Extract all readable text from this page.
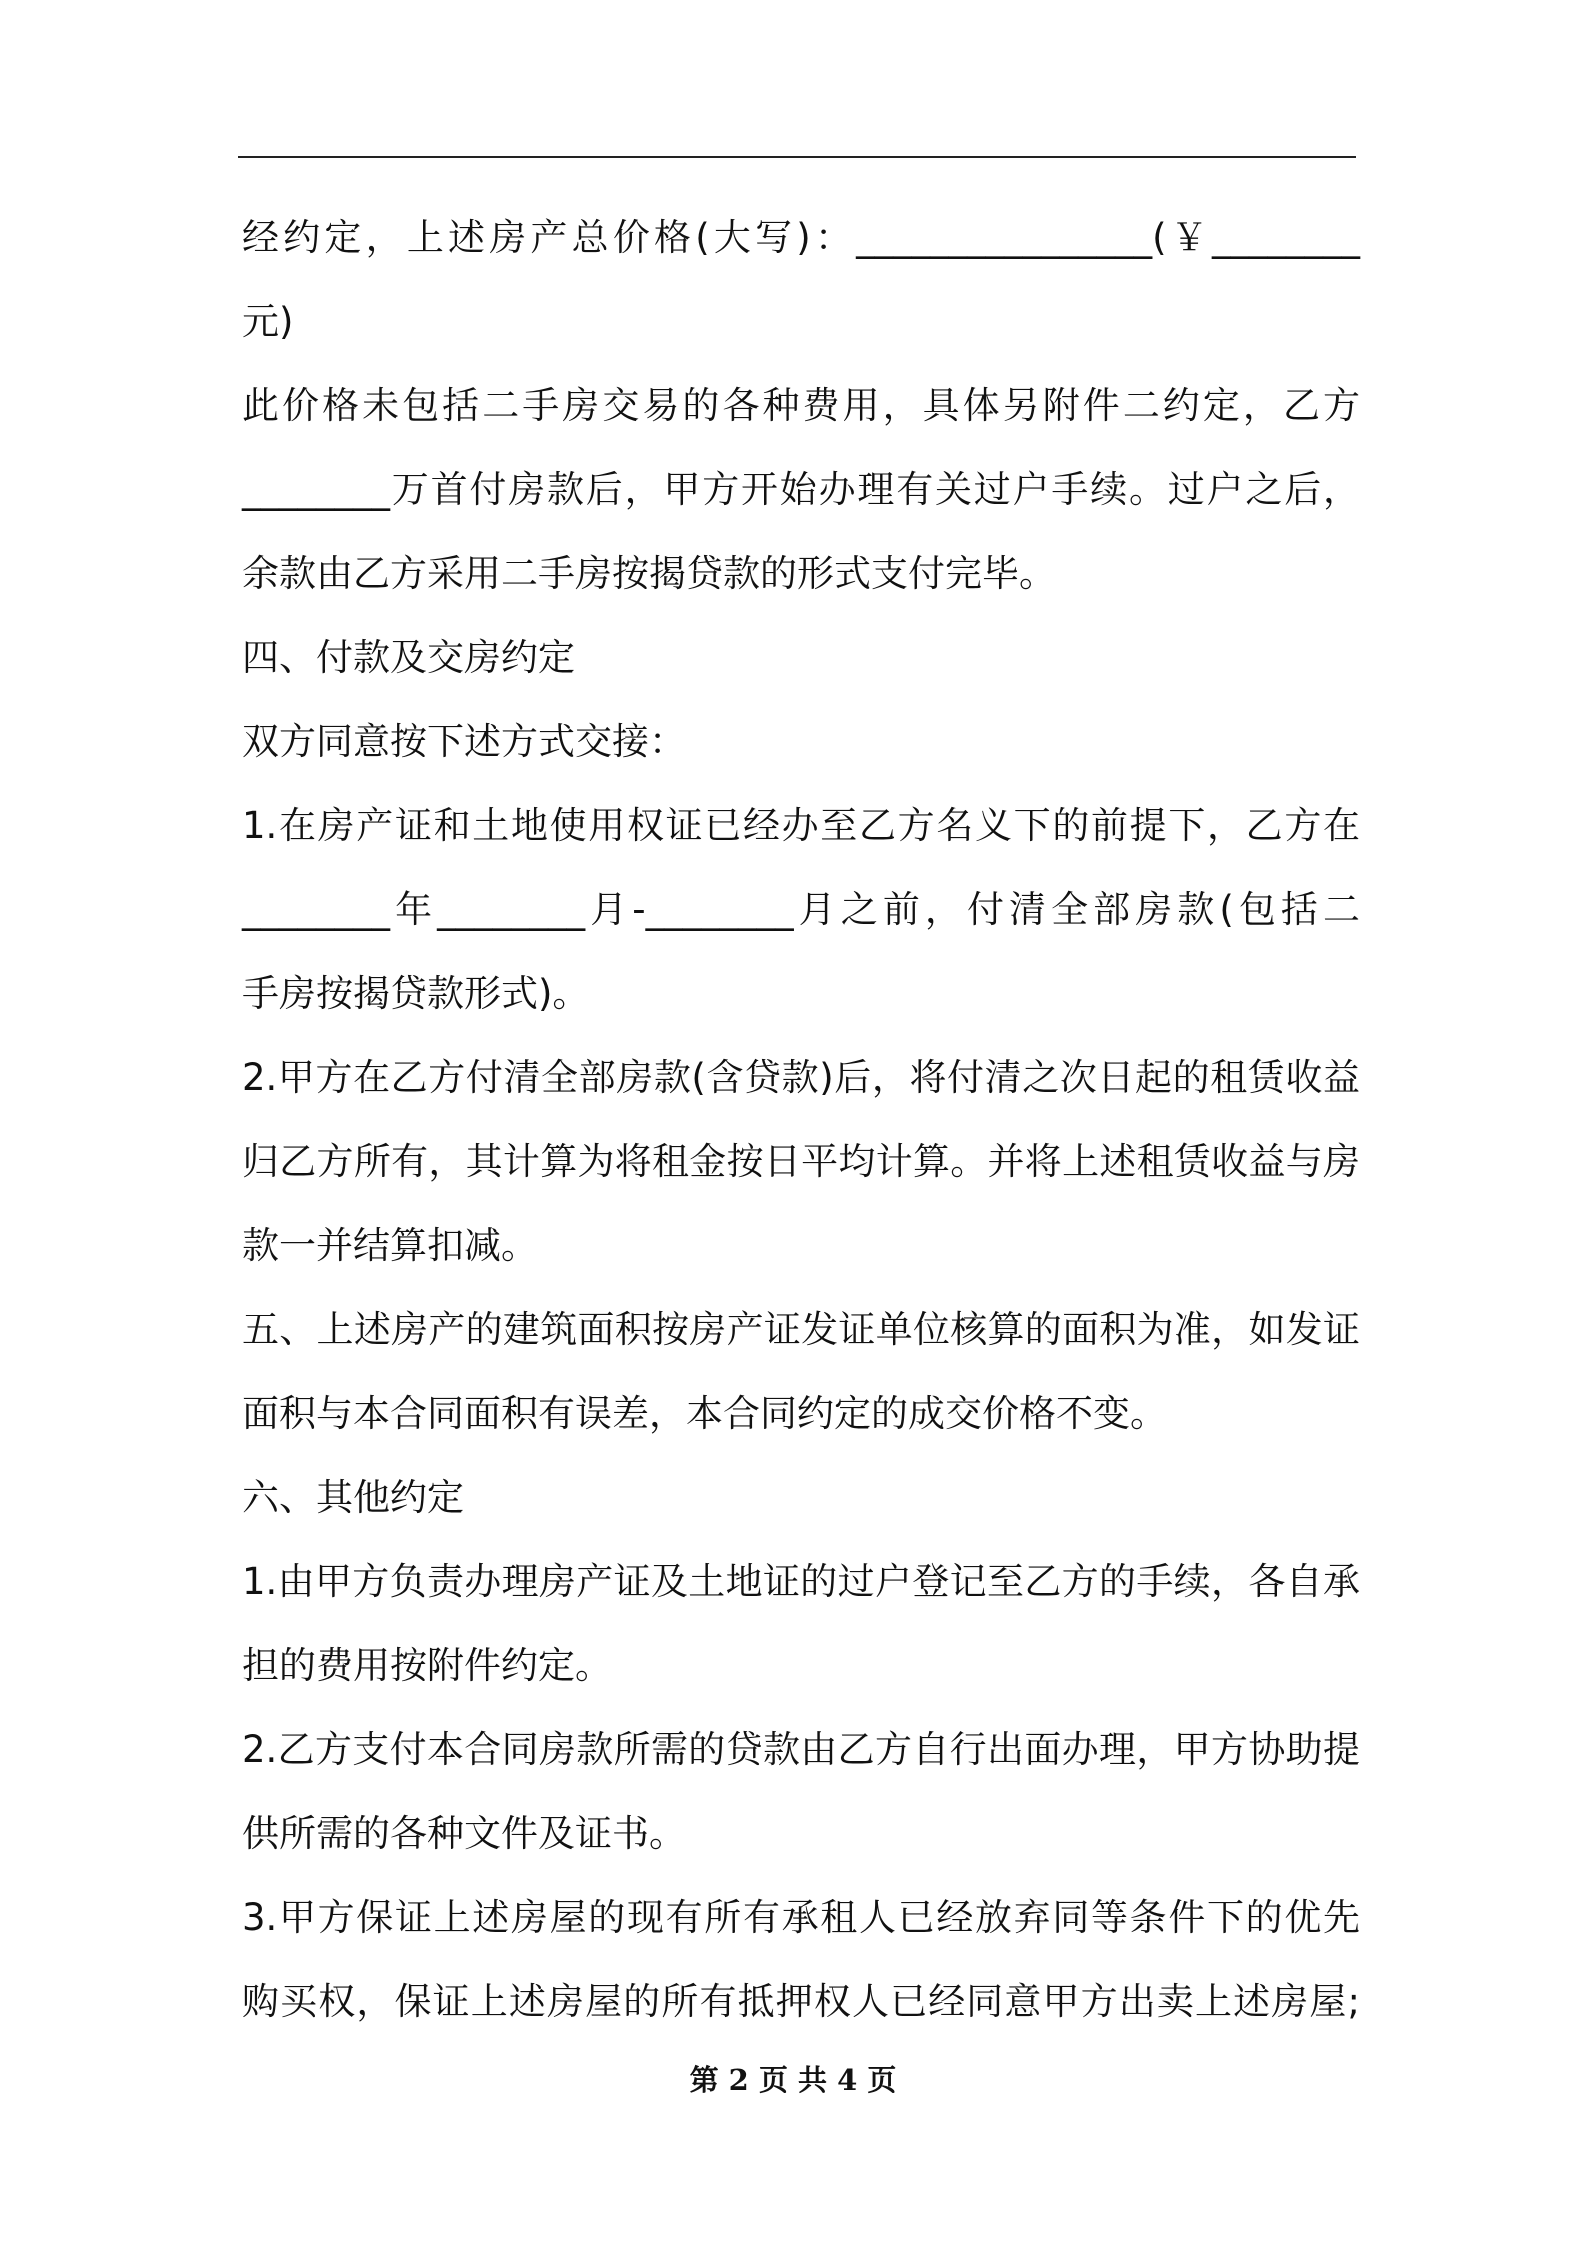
经约定，上述房产总价格(大写)：________________(￥________
元)
此价格未包括二手房交易的各种费用，具体另附件二约定，乙方
________万首付房款后，甲方开始办理有关过户手续。过户之后，
余款由乙方采用二手房按揭贷款的形式支付完毕。
四、付款及交房约定
双方同意按下述方式交接：
1.在房产证和土地使用权证已经办至乙方名义下的前提下，乙方在
________年________月-________月之前，付清全部房款(包括二
手房按揭贷款形式)。
2.甲方在乙方付清全部房款(含贷款)后，将付清之次日起的租赁收益
归乙方所有，其计算为将租金按日平均计算。并将上述租赁收益与房
款一并结算扣减。
五、上述房产的建筑面积按房产证发证单位核算的面积为准，如发证
面积与本合同面积有误差，本合同约定的成交价格不变。
六、其他约定
1.由甲方负责办理房产证及土地证的过户登记至乙方的手续，各自承
担的费用按附件约定。
2.乙方支付本合同房款所需的贷款由乙方自行出面办理，甲方协助提
供所需的各种文件及证书。
3.甲方保证上述房屋的现有所有承租人已经放弃同等条件下的优先
购买权，保证上述房屋的所有抵押权人已经同意甲方出卖上述房屋;
第 2 页 共 4 页
